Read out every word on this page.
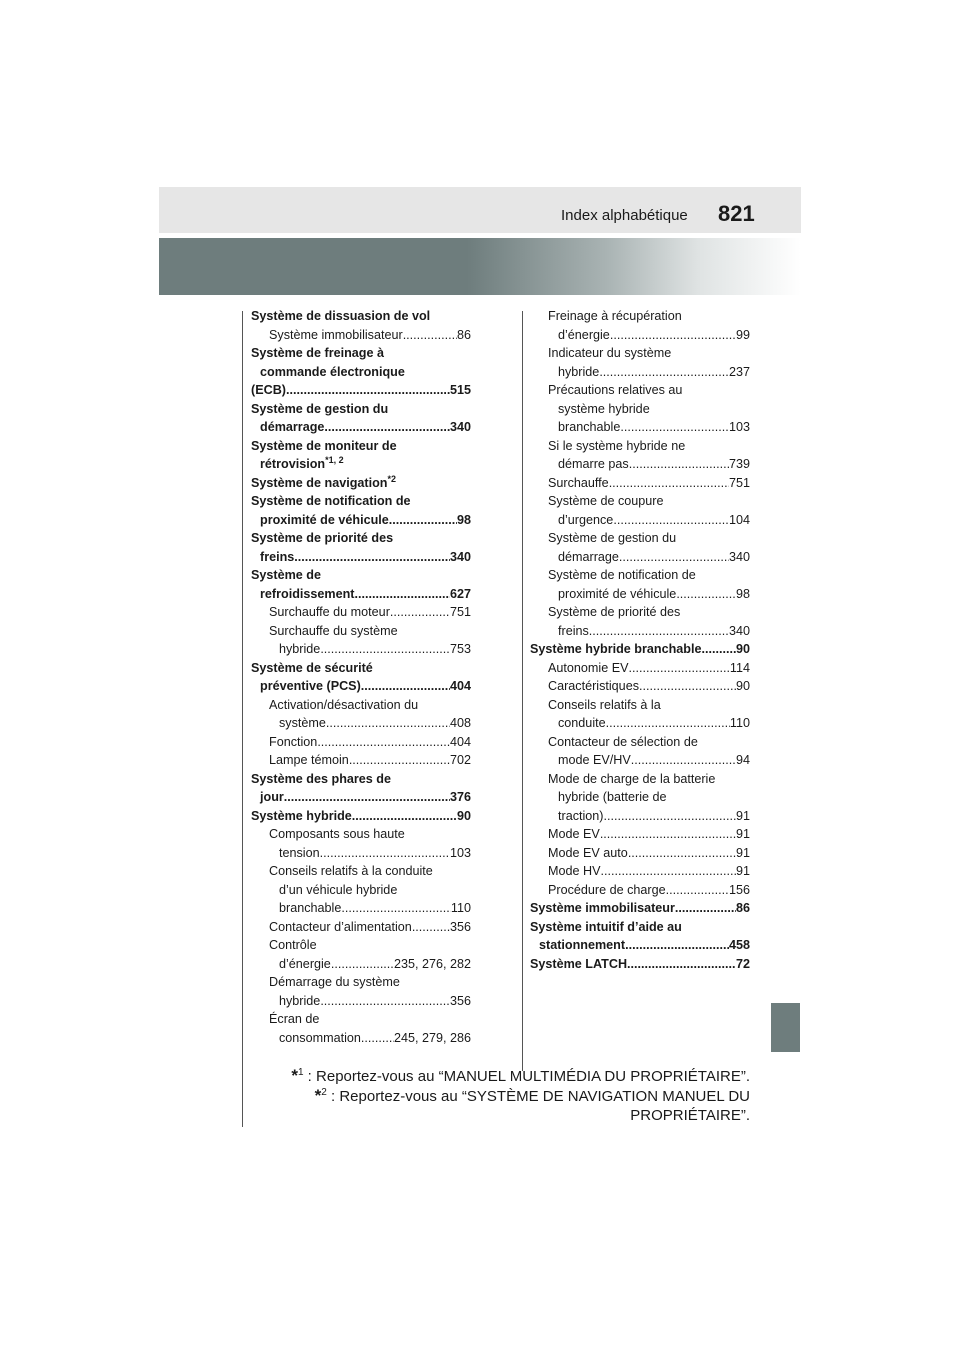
Index alphabétique 821
Système de dissuasion de vol
Système immobilisateur .....	86
Système de freinage à
commande électronique
(ECB) .....	515
Système de gestion du
démarrage .....	340
Système de moniteur de
rétrovision$^{*1, 2}$
Système de navigation$^{*2}$
Système de notification de
proximité de véhicule .....	98
Système de priorité des
freins .....	340
Système de
refroidissement .....	627
Surchauffe du moteur .....	751
Surchauffe du système
hybride .....	753
Système de sécurité
préventive (PCS) .....	404
Activation/désactivation du
système .....	408
Fonction .....	404
Lampe témoin .....	702
Système des phares de
jour .....	376
Système hybride .....	90
Composants sous haute
tension .....	103
Conseils relatifs à la conduite
d’un véhicule hybride
branchable .....	110
Contacteur d’alimentation .....	356
Contrôle
d’énergie .....	235, 276, 282
Démarrage du système
hybride .....	356
Écran de
consommation .....	245, 279, 286
Freinage à récupération
d’énergie .....	99
Indicateur du système
hybride .....	237
Précautions relatives au
système hybride
branchable .....	103
Si le système hybride ne
démarre pas .....	739
Surchauffe .....	751
Système de coupure
d’urgence .....	104
Système de gestion du
démarrage .....	340
Système de notification de
proximité de véhicule .....	98
Système de priorité des
freins .....	340
Système hybride branchable .....	90
Autonomie EV .....	114
Caractéristiques .....	90
Conseils relatifs à la
conduite .....	110
Contacteur de sélection de
mode EV/HV .....	94
Mode de charge de la batterie
hybride (batterie de
traction) .....	91
Mode EV .....	91
Mode EV auto .....	91
Mode HV .....	91
Procédure de charge .....	156
Système immobilisateur .....	86
Système intuitif d’aide au
stationnement .....	458
Système LATCH .....	72
*$^1$ : Reportez-vous au “MANUEL MULTIMÉDIA DU PROPRIÉTAIRE”.
*$^2$ : Reportez-vous au “SYSTÈME DE NAVIGATION MANUEL DU
PROPRIÉTAIRE”.
